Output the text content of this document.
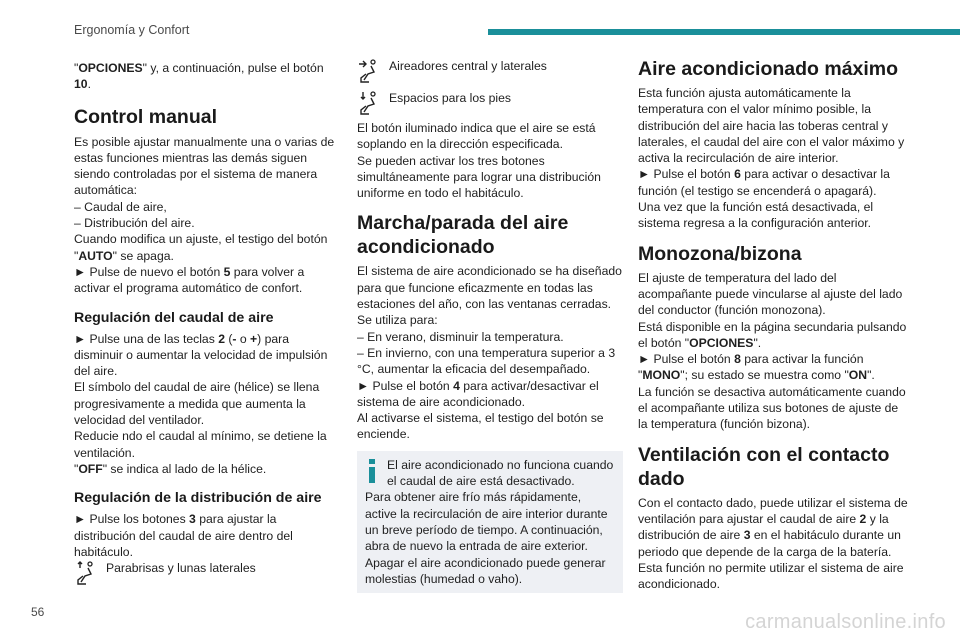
Ergonomía y Confort

"OPCIONES" y, a continuación, pulse el botón 10.

Control manual

Es posible ajustar manualmente una o varias de estas funciones mientras las demás siguen siendo controladas por el sistema de manera automática:

– Caudal de aire,

– Distribución del aire.

Cuando modifica un ajuste, el testigo del botón "AUTO" se apaga.

► Pulse de nuevo el botón 5 para volver a activar el programa automático de confort.

Regulación del caudal de aire

► Pulse una de las teclas 2 (- o +) para disminuir o aumentar la velocidad de impulsión del aire.

El símbolo del caudal de aire (hélice) se llena progresivamente a medida que aumenta la velocidad del ventilador.

Reducie ndo el caudal al mínimo, se detiene la ventilación.

"OFF" se indica al lado de la hélice.

Regulación de la distribución de aire

► Pulse los botones 3 para ajustar la distribución del caudal de aire dentro del habitáculo.

Parabrisas y lunas laterales
Aireadores central y laterales
Espacios para los pies

El botón iluminado indica que el aire se está soplando en la dirección especificada.

Se pueden activar los tres botones simultáneamente para lograr una distribución uniforme en todo el habitáculo.

Marcha/parada del aire acondicionado

El sistema de aire acondicionado se ha diseñado para que funcione eficazmente en todas las estaciones del año, con las ventanas cerradas.

Se utiliza para:

– En verano, disminuir la temperatura.

– En invierno, con una temperatura superior a 3 °C, aumentar la eficacia del desempañado.

► Pulse el botón 4 para activar/desactivar el sistema de aire acondicionado.

Al activarse el sistema, el testigo del botón se enciende.

El aire acondicionado no funciona cuando el caudal de aire está desactivado.

Para obtener aire frío más rápidamente, active la recirculación de aire interior durante un breve período de tiempo. A continuación, abra de nuevo la entrada de aire exterior.

Apagar el aire acondicionado puede generar molestias (humedad o vaho).

Aire acondicionado máximo

Esta función ajusta automáticamente la temperatura con el valor mínimo posible, la distribución del aire hacia las toberas central y laterales, el caudal del aire con el valor máximo y activa la recirculación de aire interior.

► Pulse el botón 6 para activar o desactivar la función (el testigo se encenderá o apagará).

Una vez que la función está desactivada, el sistema regresa a la configuración anterior.

Monozona/bizona

El ajuste de temperatura del lado del acompañante puede vincularse al ajuste del lado del conductor (función monozona).

Está disponible en la página secundaria pulsando el botón "OPCIONES".

► Pulse el botón 8 para activar la función "MONO"; su estado se muestra como "ON".

La función se desactiva automáticamente cuando el acompañante utiliza sus botones de ajuste de la temperatura (función bizona).

Ventilación con el contacto dado

Con el contacto dado, puede utilizar el sistema de ventilación para ajustar el caudal de aire 2 y la distribución de aire 3 en el habitáculo durante un periodo que depende de la carga de la batería.

Esta función no permite utilizar el sistema de aire acondicionado.

56	carmanualsonline.info
